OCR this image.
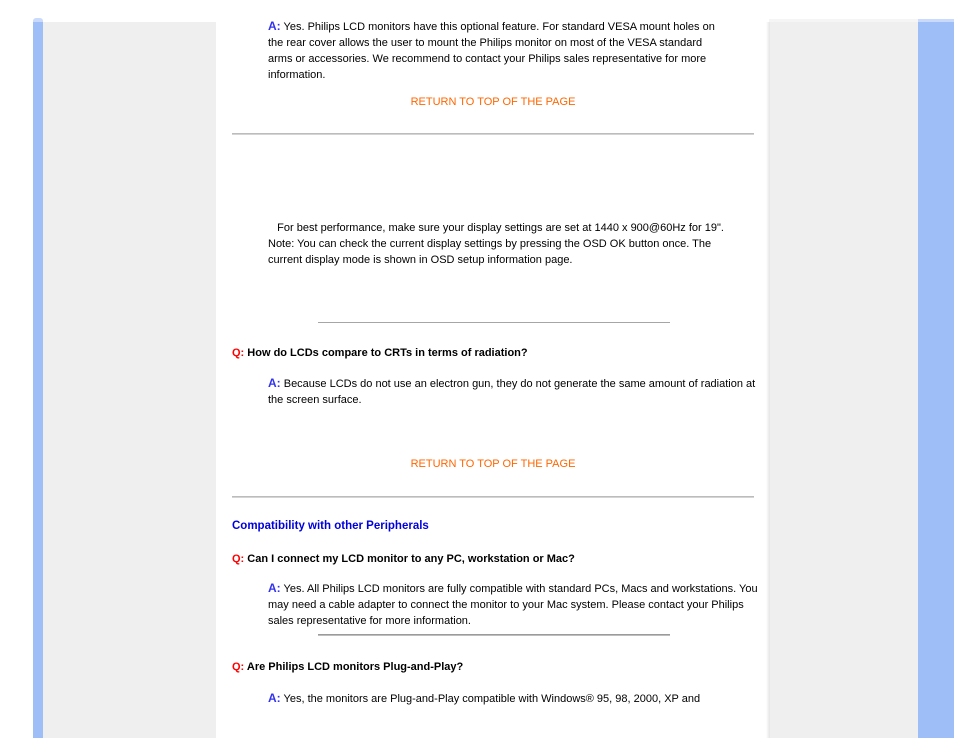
A: Yes. Philips LCD monitors have this optional feature. For standard VESA mount holes on the rear cover allows the user to mount the Philips monitor on most of the VESA standard arms or accessories. We recommend to contact your Philips sales representative for more information.
RETURN TO TOP OF THE PAGE
For best performance, make sure your display settings are set at 1440 x 900@60Hz for 19". Note: You can check the current display settings by pressing the OSD OK button once. The current display mode is shown in OSD setup information page.
Q: How do LCDs compare to CRTs in terms of radiation?
A: Because LCDs do not use an electron gun, they do not generate the same amount of radiation at the screen surface.
RETURN TO TOP OF THE PAGE
Compatibility with other Peripherals
Q: Can I connect my LCD monitor to any PC, workstation or Mac?
A: Yes. All Philips LCD monitors are fully compatible with standard PCs, Macs and workstations. You may need a cable adapter to connect the monitor to your Mac system. Please contact your Philips sales representative for more information.
Q: Are Philips LCD monitors Plug-and-Play?
A: Yes, the monitors are Plug-and-Play compatible with Windows® 95, 98, 2000, XP and
